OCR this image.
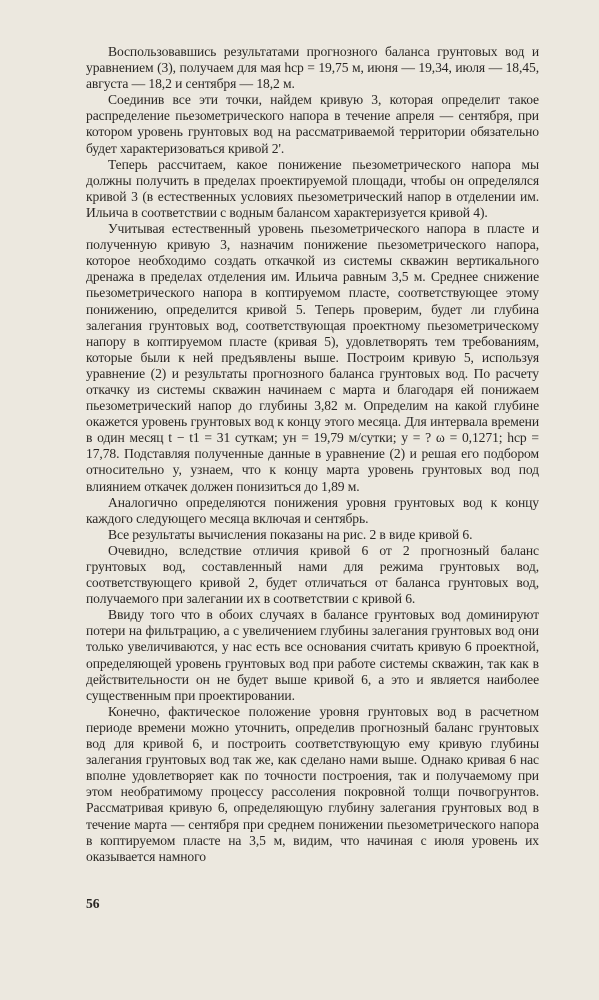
Воспользовавшись результатами прогнозного баланса грунтовых вод и уравнением (3), получаем для мая hср = 19,75 м, июня — 19,34, июля — 18,45, августа — 18,2 и сентября — 18,2 м.

Соединив все эти точки, найдем кривую 3, которая определит такое распределение пьезометрического напора в течение апреля — сентября, при котором уровень грунтовых вод на рассматриваемой территории обязательно будет характеризоваться кривой 2'.

Теперь рассчитаем, какое понижение пьезометрического напора мы должны получить в пределах проектируемой площади, чтобы он определялся кривой 3 (в естественных условиях пьезометрический напор в отделении им. Ильича в соответствии с водным балансом характеризуется кривой 4).

Учитывая естественный уровень пьезометрического напора в пласте и полученную кривую 3, назначим понижение пьезометрического напора, которое необходимо создать откачкой из системы скважин вертикального дренажа в пределах отделения им. Ильича равным 3,5 м. Среднее снижение пьезометрического напора в коптируемом пласте, соответствующее этому понижению, определится кривой 5. Теперь проверим, будет ли глубина залегания грунтовых вод, соответствующая проектному пьезометрическому напору в коптируемом пласте (кривая 5), удовлетворять тем требованиям, которые были к ней предъявлены выше. Построим кривую 5, используя уравнение (2) и результаты прогнозного баланса грунтовых вод. По расчету откачку из системы скважин начинаем с марта и благодаря ей понижаем пьезометрический напор до глубины 3,82 м. Определим на какой глубине окажется уровень грунтовых вод к концу этого месяца. Для интервала времени в один месяц t − t1 = 31 суткам; yн = 19,79 м/сутки; y = ? ω = 0,1271; hср = 17,78. Подставляя полученные данные в уравнение (2) и решая его подбором относительно y, узнаем, что к концу марта уровень грунтовых вод под влиянием откачек должен понизиться до 1,89 м.

Аналогично определяются понижения уровня грунтовых вод к концу каждого следующего месяца включая и сентябрь.

Все результаты вычисления показаны на рис. 2 в виде кривой 6.

Очевидно, вследствие отличия кривой 6 от 2 прогнозный баланс грунтовых вод, составленный нами для режима грунтовых вод, соответствующего кривой 2, будет отличаться от баланса грунтовых вод, получаемого при залегании их в соответствии с кривой 6.

Ввиду того что в обоих случаях в балансе грунтовых вод доминируют потери на фильтрацию, а с увеличением глубины залегания грунтовых вод они только увеличиваются, у нас есть все основания считать кривую 6 проектной, определяющей уровень грунтовых вод при работе системы скважин, так как в действительности он не будет выше кривой 6, а это и является наиболее существенным при проектировании.

Конечно, фактическое положение уровня грунтовых вод в расчетном периоде времени можно уточнить, определив прогнозный баланс грунтовых вод для кривой 6, и построить соответствующую ему кривую глубины залегания грунтовых вод так же, как сделано нами выше. Однако кривая 6 нас вполне удовлетворяет как по точности построения, так и получаемому при этом необратимому процессу рассоления покровной толщи почвогрунтов. Рассматривая кривую 6, определяющую глубину залегания грунтовых вод в течение марта — сентября при среднем понижении пьезометрического напора в коптируемом пласте на 3,5 м, видим, что начиная с июля уровень их оказывается намного

56
